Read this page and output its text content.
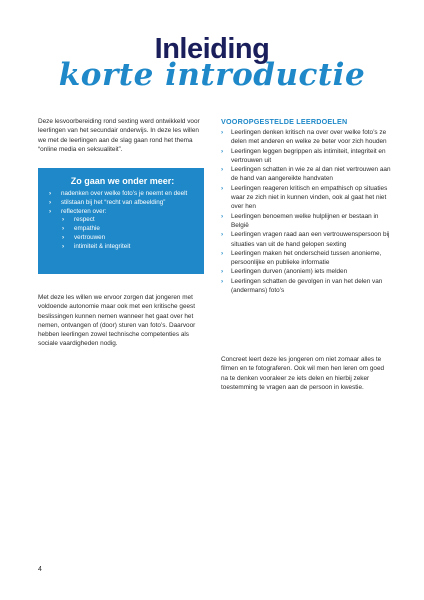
Inleiding
korte introductie

Deze lesvoorbereiding rond sexting werd ontwikkeld voor leerlingen van het secundair onderwijs. In deze les willen we met de leerlingen aan de slag gaan rond het thema “online media en seksualiteit”.

Zo gaan we onder meer:
› nadenken over welke foto’s je neemt en deelt
› stilstaan bij het “recht van afbeelding”
› reflecteren over:
› respect
› empathie
› vertrouwen
› intimiteit & integriteit

Met deze les willen we ervoor zorgen dat jongeren met voldoende autonomie maar ook met een kritische geest beslissingen kunnen nemen wanneer het gaat over het nemen, ontvangen of (door) sturen van foto’s. Daarvoor hebben leerlingen zowel technische competenties als sociale vaardigheden nodig.

VOOROPGESTELDE LEERDOELEN
› Leerlingen denken kritisch na over over welke foto’s ze delen met anderen en welke ze beter voor zich houden
› Leerlingen leggen begrippen als intimiteit, integriteit en vertrouwen uit
› Leerlingen schatten in wie ze al dan niet vertrouwen aan de hand van aangereikte handvaten
› Leerlingen reageren kritisch en empathisch op situaties waar ze zich niet in kunnen vinden, ook al gaat het niet over hen
› Leerlingen benoemen welke hulplijnen er bestaan in België
› Leerlingen vragen raad aan een vertrouwenspersoon bij situaties van uit de hand gelopen sexting
› Leerlingen maken het onderscheid tussen anonieme, persoonlijke en publieke informatie
› Leerlingen durven (anoniem) iets melden
› Leerlingen schatten de gevolgen in van het delen van (andermans) foto’s

Concreet leert deze les jongeren om niet zomaar alles te filmen en te fotograferen. Ook wil men hen leren om goed na te denken vooraleer ze iets delen en hierbij zeker toestemming te vragen aan de persoon in kwestie.

4
